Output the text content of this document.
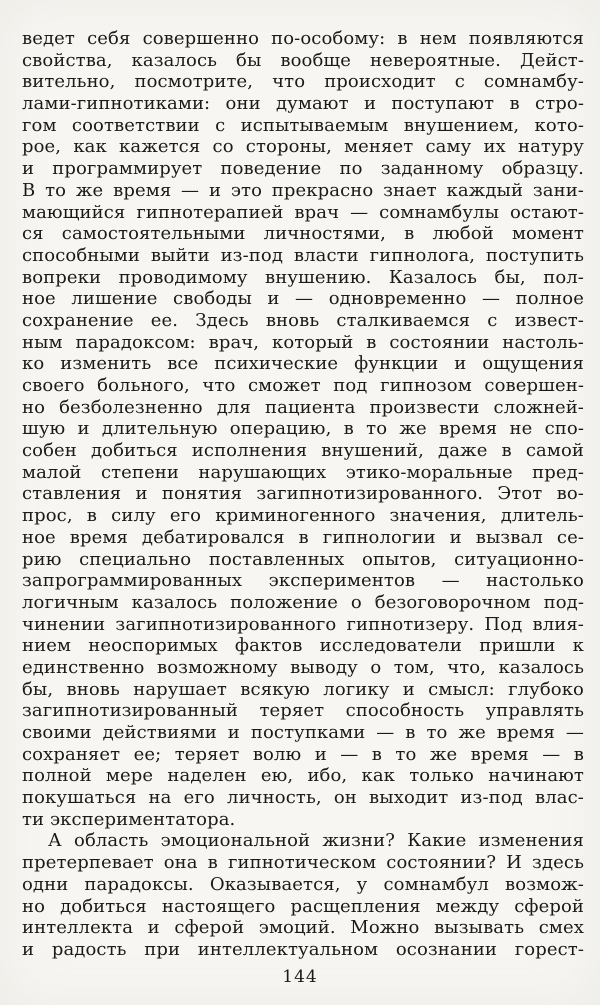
ведет себя совершенно по-особому: в нем появляются
свойства, казалось бы вообще невероятные. Дейст-
вительно, посмотрите, что происходит с сомнамбу-
лами-гипнотиками: они думают и поступают в стро-
гом соответствии с испытываемым внушением, кото-
рое, как кажется со стороны, меняет саму их натуру
и программирует поведение по заданному образцу.
В то же время — и это прекрасно знает каждый зани-
мающийся гипнотерапией врач — сомнамбулы остают-
ся самостоятельными личностями, в любой момент
способными выйти из-под власти гипнолога, поступить
вопреки проводимому внушению. Казалось бы, пол-
ное лишение свободы и — одновременно — полное
сохранение ее. Здесь вновь сталкиваемся с извест-
ным парадоксом: врач, который в состоянии настоль-
ко изменить все психические функции и ощущения
своего больного, что сможет под гипнозом совершен-
но безболезненно для пациента произвести сложней-
шую и длительную операцию, в то же время не спо-
собен добиться исполнения внушений, даже в самой
малой степени нарушающих этико-моральные пред-
ставления и понятия загипнотизированного. Этот во-
прос, в силу его криминогенного значения, длитель-
ное время дебатировался в гипнологии и вызвал се-
рию специально поставленных опытов, ситуационно-
запрограммированных экспериментов — настолько
логичным казалось положение о безоговорочном под-
чинении загипнотизированного гипнотизеру. Под влия-
нием неоспоримых фактов исследователи пришли к
единственно возможному выводу о том, что, казалось
бы, вновь нарушает всякую логику и смысл: глубоко
загипнотизированный теряет способность управлять
своими действиями и поступками — в то же время —
сохраняет ее; теряет волю и — в то же время — в
полной мере наделен ею, ибо, как только начинают
покушаться на его личность, он выходит из-под влас-
ти экспериментатора.
А область эмоциональной жизни? Какие изменения
претерпевает она в гипнотическом состоянии? И здесь
одни парадоксы. Оказывается, у сомнамбул возмож-
но добиться настоящего расщепления между сферой
интеллекта и сферой эмоций. Можно вызывать смех
и радость при интеллектуальном осознании горест-
144
